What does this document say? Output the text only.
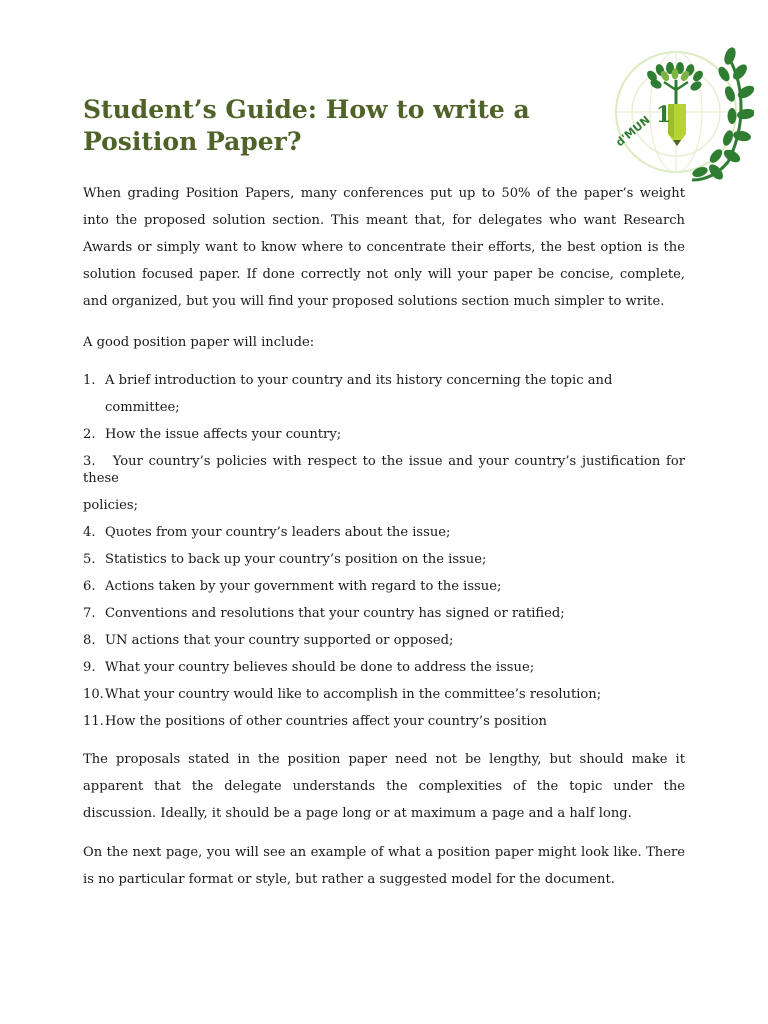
1
d'MUN
Student’s Guide: How to write a Position Paper?

When grading Position Papers, many conferences put up to 50% of the paper’s weight into the proposed solution section. This meant that, for delegates who want Research Awards or simply want to know where to concentrate their efforts, the best option is the solution focused paper. If done correctly not only will your paper be concise, complete, and organized, but you will find your proposed solutions section much simpler to write.

A good position paper will include:

1. A brief introduction to your country and its history concerning the topic and committee;
2. How the issue affects your country;
3. Your country’s policies with respect to the issue and your country’s justification for these
policies;
4. Quotes from your country’s leaders about the issue;
5. Statistics to back up your country’s position on the issue;
6. Actions taken by your government with regard to the issue;
7. Conventions and resolutions that your country has signed or ratified;
8. UN actions that your country supported or opposed;
9. What your country believes should be done to address the issue;
10. What your country would like to accomplish in the committee’s resolution;
11. How the positions of other countries affect your country’s position

The proposals stated in the position paper need not be lengthy, but should make it apparent that the delegate understands the complexities of the topic under the discussion. Ideally, it should be a page long or at maximum a page and a half long.

On the next page, you will see an example of what a position paper might look like. There is no particular format or style, but rather a suggested model for the document.
